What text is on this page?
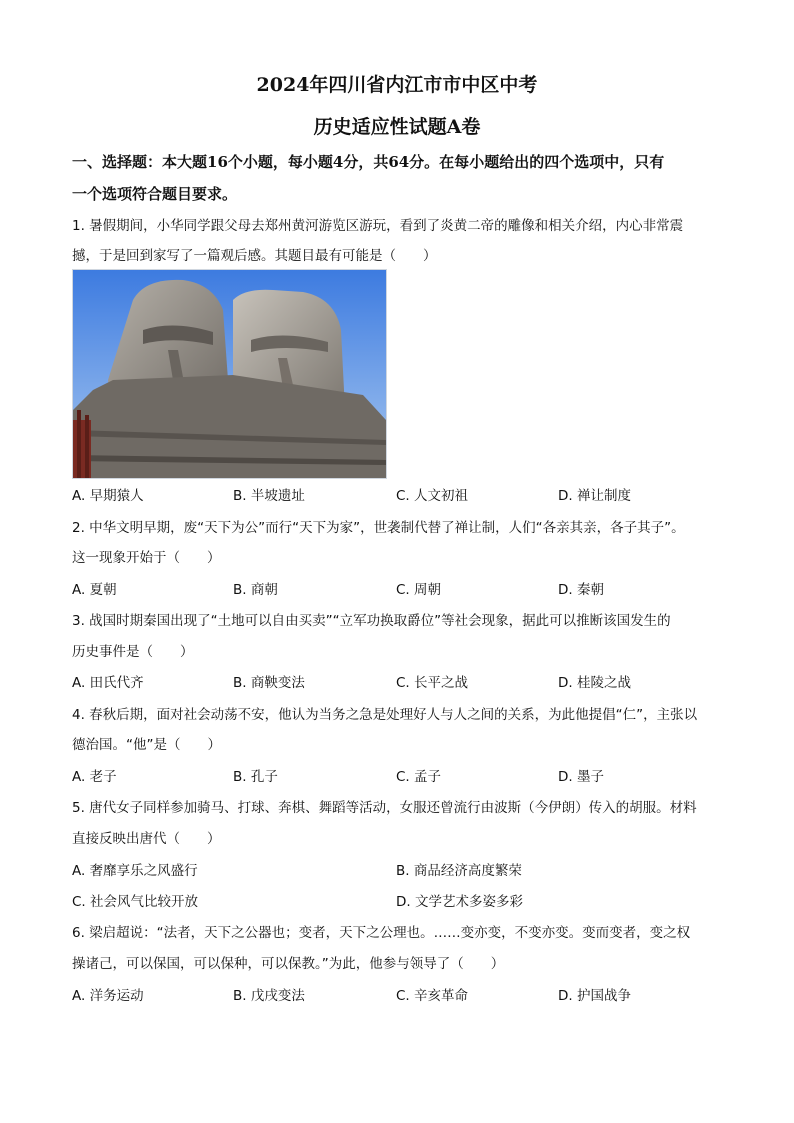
2024年四川省内江市市中区中考
历史适应性试题A卷
一、选择题：本大题16个小题，每小题4分，共64分。在每小题给出的四个选项中，只有
一个选项符合题目要求。
1. 暑假期间，小华同学跟父母去郑州黄河游览区游玩，看到了炎黄二帝的雕像和相关介绍，内心非常震
撼，于是回到家写了一篇观后感。其题目最有可能是（　　）
A. 早期猿人	B. 半坡遗址	C. 人文初祖	D. 禅让制度
2. 中华文明早期，废“天下为公”而行“天下为家”，世袭制代替了禅让制，人们“各亲其亲，各子其子”。
这一现象开始于（　　）
A. 夏朝	B. 商朝	C. 周朝	D. 秦朝
3. 战国时期秦国出现了“土地可以自由买卖”“立军功换取爵位”等社会现象，据此可以推断该国发生的
历史事件是（　　）
A. 田氏代齐	B. 商鞅变法	C. 长平之战	D. 桂陵之战
4. 春秋后期，面对社会动荡不安，他认为当务之急是处理好人与人之间的关系，为此他提倡“仁”，主张以
德治国。“他”是（　　）
A. 老子	B. 孔子	C. 孟子	D. 墨子
5. 唐代女子同样参加骑马、打球、奔棋、舞蹈等活动，女服还曾流行由波斯（今伊朗）传入的胡服。材料
直接反映出唐代（　　）
A. 奢靡享乐之风盛行	B. 商品经济高度繁荣
C. 社会风气比较开放	D. 文学艺术多姿多彩
6. 梁启超说：“法者，天下之公器也；变者，天下之公理也。……变亦变，不变亦变。变而变者，变之权
操诸己，可以保国，可以保种，可以保教。”为此，他参与领导了（　　）
A. 洋务运动	B. 戊戌变法	C. 辛亥革命	D. 护国战争
